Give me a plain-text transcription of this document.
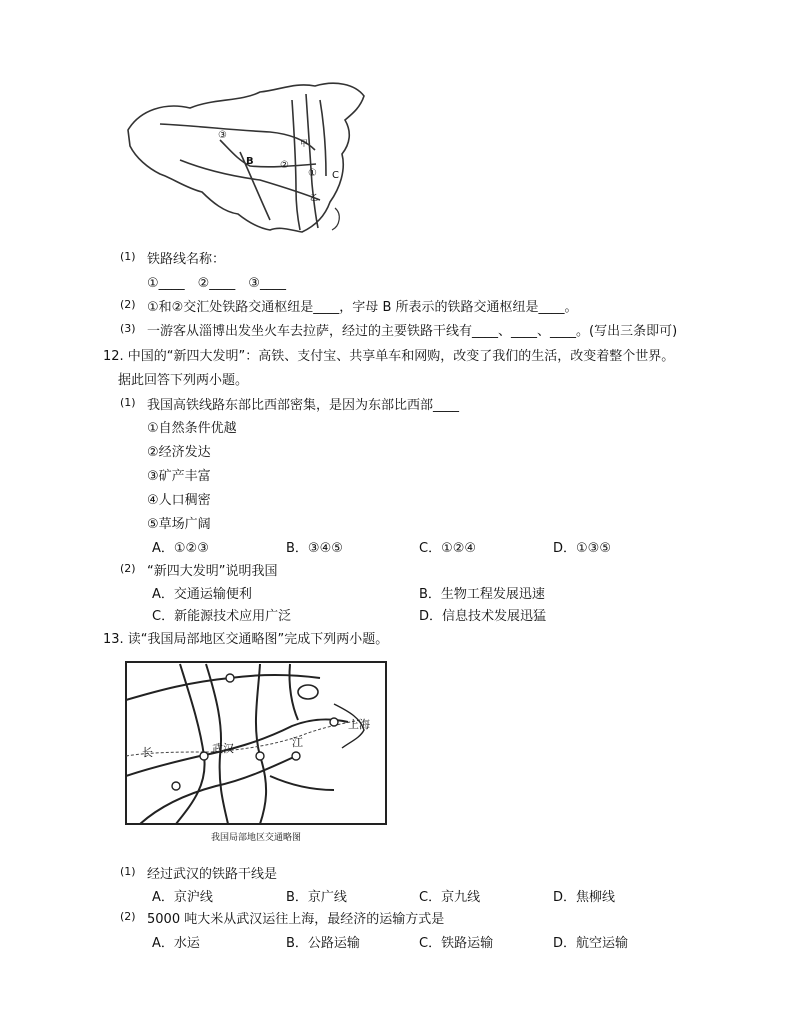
③
②
①
甲
B
C
乙
(1) 铁路线名称：
①____　②____　③____
(2) ①和②交汇处铁路交通枢纽是____，字母 B 所表示的铁路交通枢纽是____。
(3) 一游客从淄博出发坐火车去拉萨，经过的主要铁路干线有____、____、____。(写出三条即可)
12. 中国的“新四大发明”：高铁、支付宝、共享单车和网购，改变了我们的生活，改变着整个世界。
据此回答下列两小题。
(1) 我国高铁线路东部比西部密集，是因为东部比西部____
①自然条件优越
②经济发达
③矿产丰富
④人口稠密
⑤草场广阔
A．①②③	B．③④⑤	C．①②④	D．①③⑤
(2) “新四大发明”说明我国
A．交通运输便利	B．生物工程发展迅速
C．新能源技术应用广泛	D．信息技术发展迅猛
13. 读“我国局部地区交通略图”完成下列两小题。
长	武汉	江
上海
我国局部地区交通略图
(1) 经过武汉的铁路干线是
A．京沪线	B．京广线	C．京九线	D．焦柳线
(2) 5000 吨大米从武汉运往上海，最经济的运输方式是
A．水运	B．公路运输	C．铁路运输	D．航空运输
